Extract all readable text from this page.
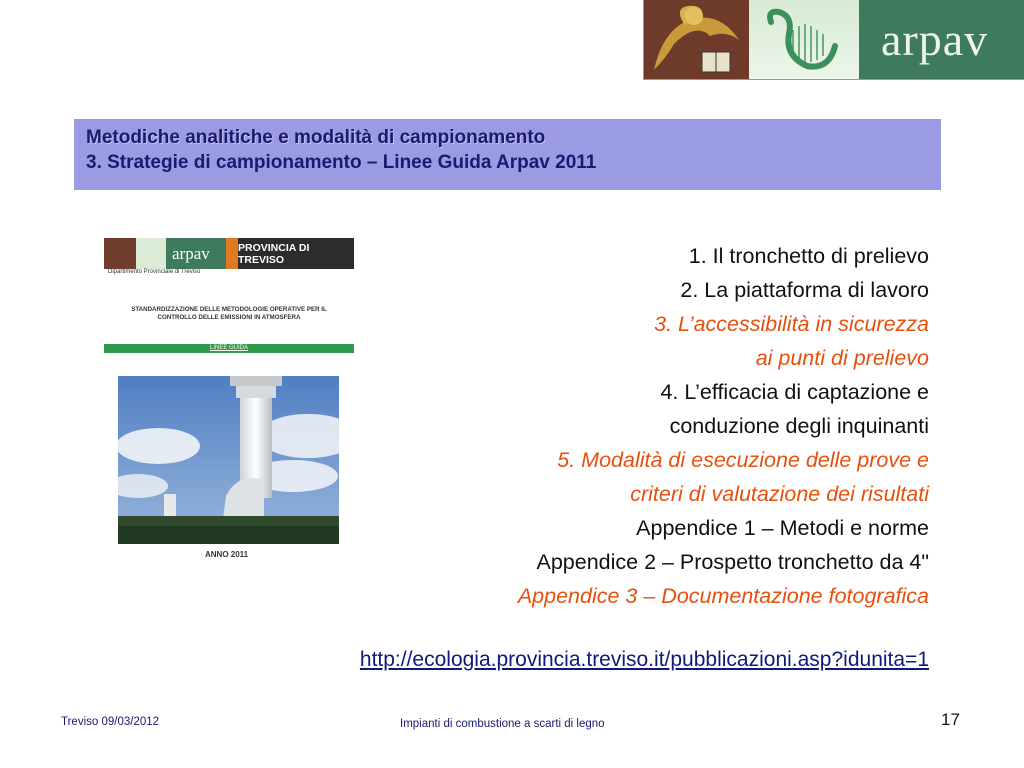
arpav
Metodiche analitiche e modalità di campionamento
3. Strategie di campionamento – Linee Guida Arpav 2011
arpav	PROVINCIA DI TREVISO
Dipartimento Provinciale di Treviso
STANDARDIZZAZIONE DELLE METODOLOGIE OPERATIVE PER IL
CONTROLLO DELLE EMISSIONI IN ATMOSFERA
LINEE GUIDA
ANNO 2011
1. Il tronchetto di prelievo
2. La piattaforma di lavoro
3. L’accessibilità in sicurezza
ai punti di prelievo
4. L’efficacia di captazione e
conduzione degli inquinanti
5. Modalità di esecuzione delle prove e
criteri di valutazione dei risultati
Appendice 1 – Metodi e norme
Appendice 2 – Prospetto tronchetto da 4"
Appendice 3 – Documentazione fotografica
http://ecologia.provincia.treviso.it/pubblicazioni.asp?idunita=1
Treviso 09/03/2012	Impianti di combustione a scarti di legno	17
